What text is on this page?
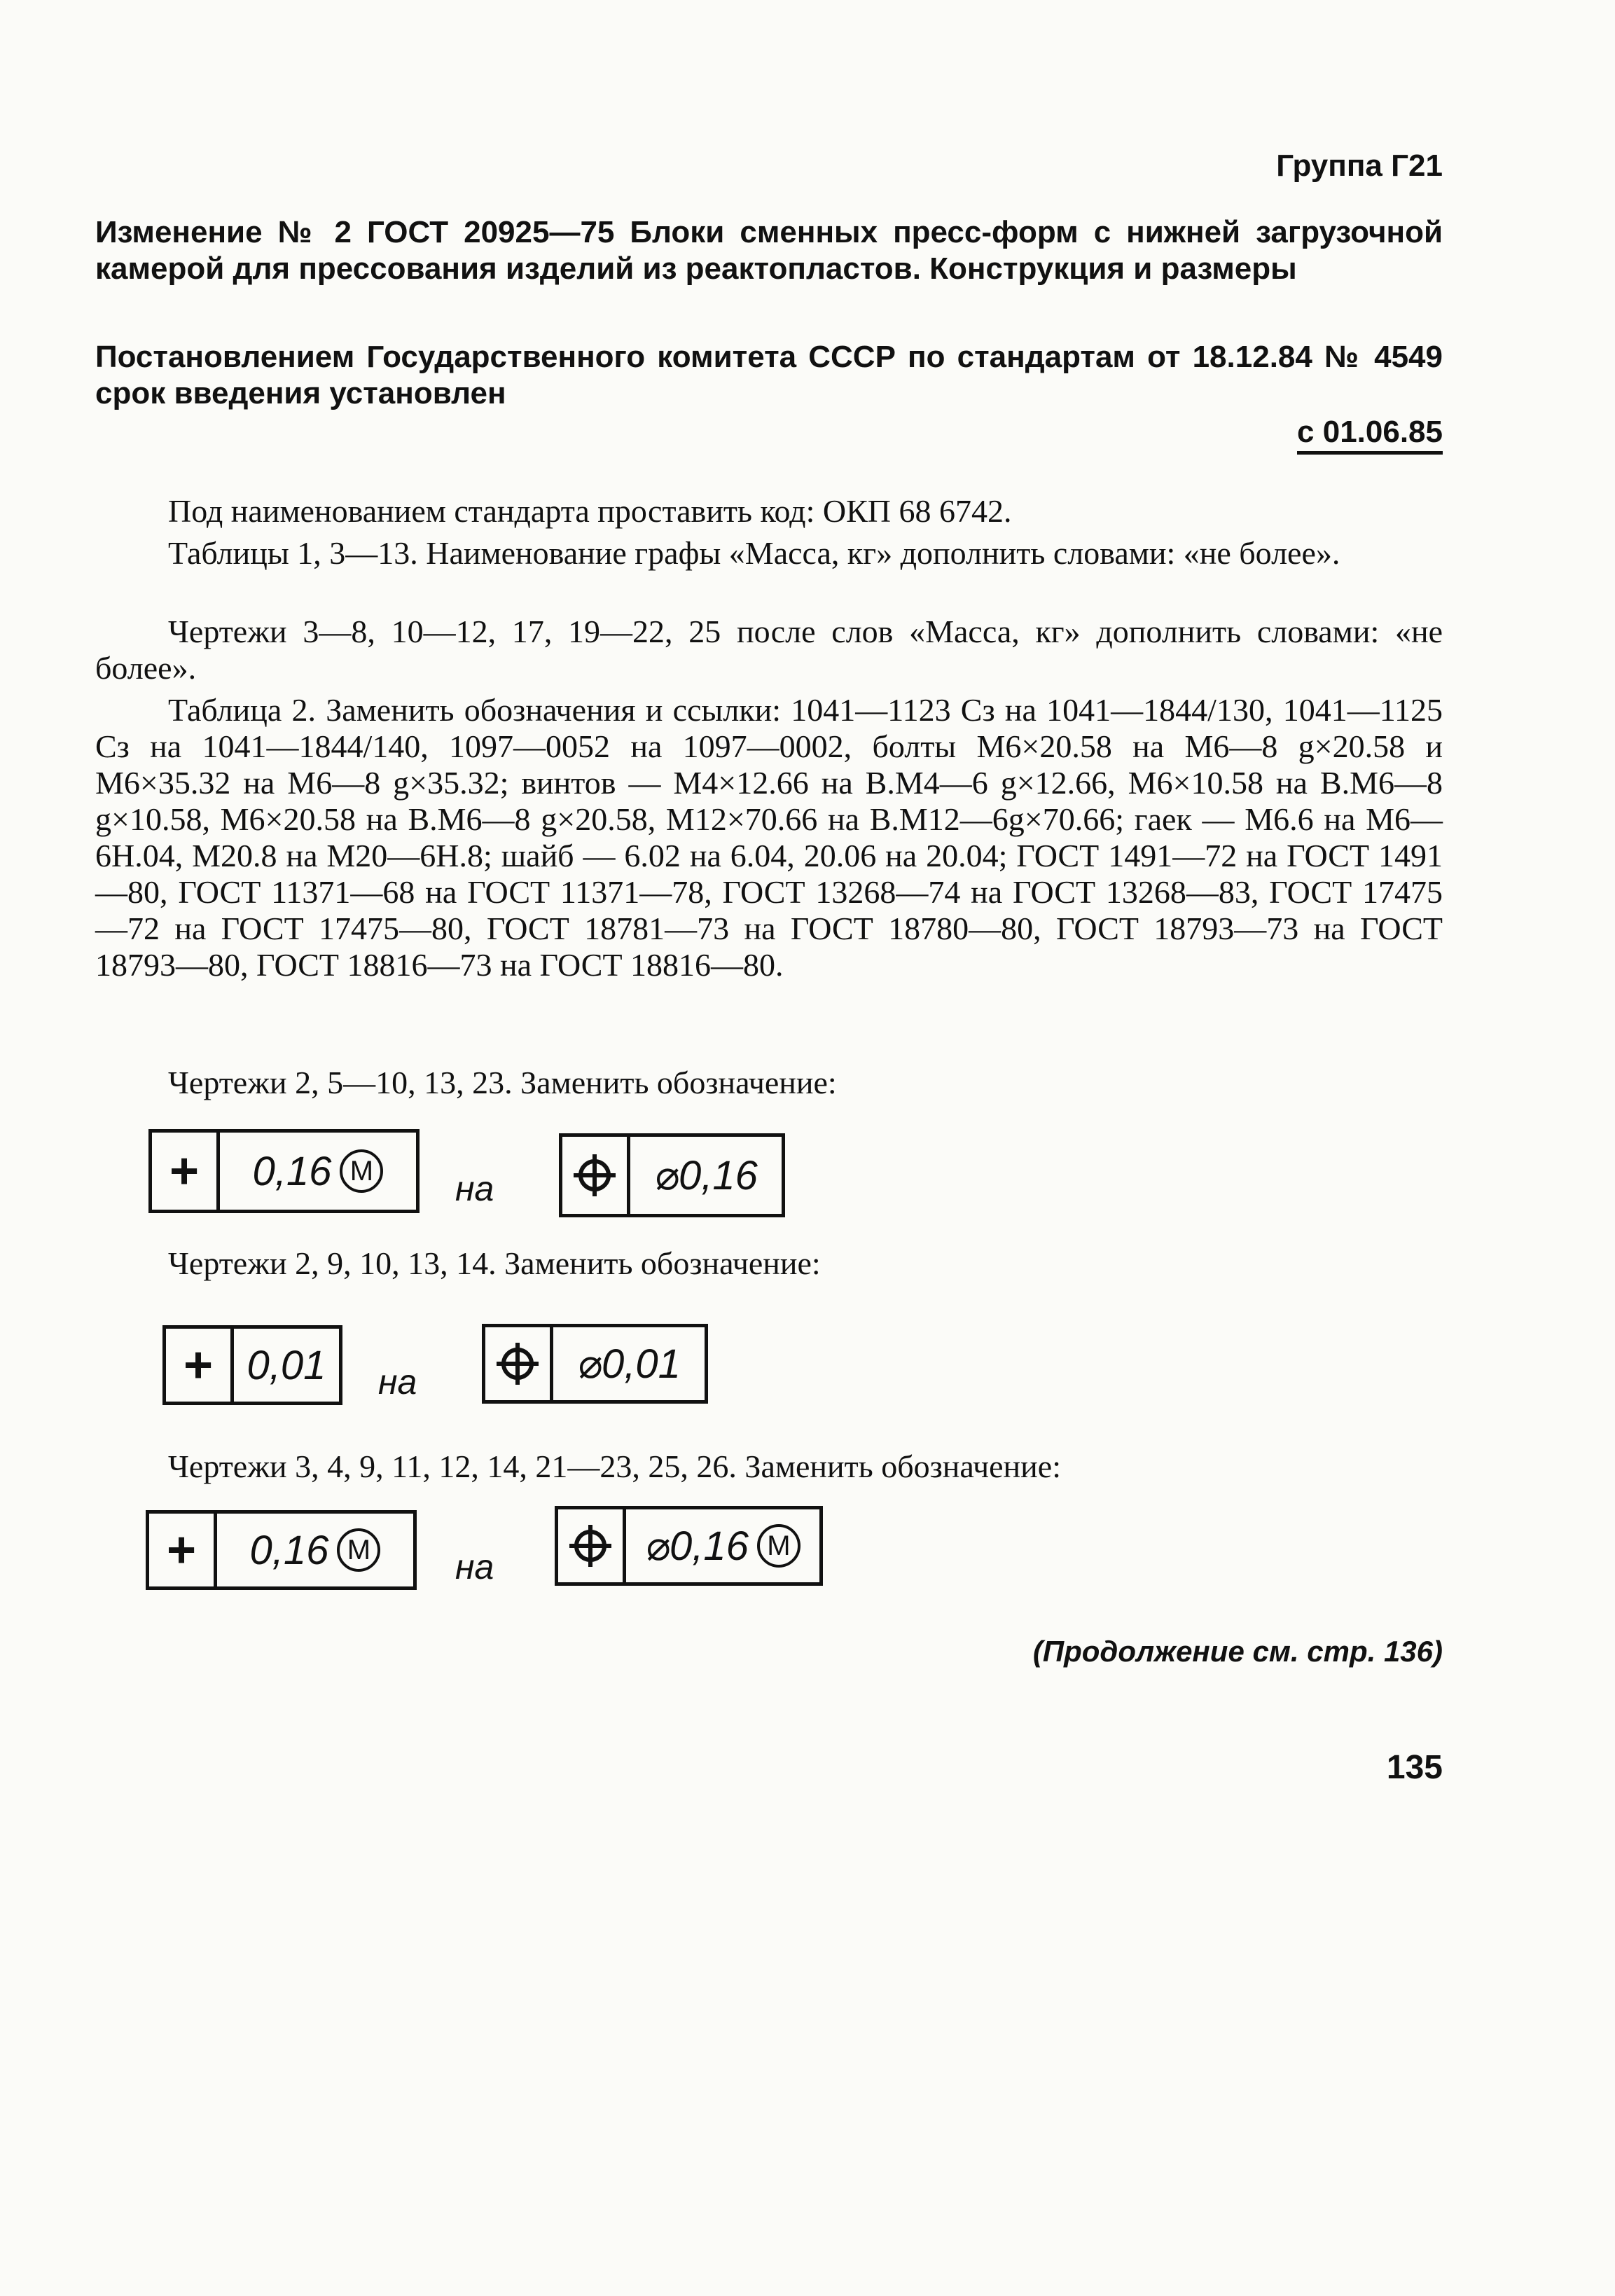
Группа Г21
Изменение № 2 ГОСТ 20925—75 Блоки сменных пресс-форм с нижней загрузочной камерой для прессования изделий из реактопластов. Конструкция и размеры
Постановлением Государственного комитета СССР по стандартам от 18.12.84 № 4549 срок введения установлен
с 01.06.85
Под наименованием стандарта проставить код: ОКП 68 6742.
Таблицы 1, 3—13. Наименование графы «Масса, кг» дополнить словами: «не более».
Чертежи 3—8, 10—12, 17, 19—22, 25 после слов «Масса, кг» дополнить словами: «не более».
Таблица 2. Заменить обозначения и ссылки: 1041—1123 Сз на 1041—1844/130, 1041—1125 Сз на 1041—1844/140, 1097—0052 на 1097—0002, болты М6×20.58 на М6—8 g×20.58 и М6×35.32 на М6—8 g×35.32; винтов — М4×12.66 на В.М4—6 g×12.66, М6×10.58 на В.М6—8 g×10.58, М6×20.58 на В.М6—8 g×20.58, М12×70.66 на В.М12—6g×70.66; гаек — М6.6 на М6—6Н.04, М20.8 на М20—6Н.8; шайб — 6.02 на 6.04, 20.06 на 20.04; ГОСТ 1491—72 на ГОСТ 1491—80, ГОСТ 11371—68 на ГОСТ 11371—78, ГОСТ 13268—74 на ГОСТ 13268—83, ГОСТ 17475—72 на ГОСТ 17475—80, ГОСТ 18781—73 на ГОСТ 18780—80, ГОСТ 18793—73 на ГОСТ 18793—80, ГОСТ 18816—73 на ГОСТ 18816—80.
Чертежи 2, 5—10, 13, 23. Заменить обозначение:
+	0,16 M на	⌀0,16
Чертежи 2, 9, 10, 13, 14. Заменить обозначение:
+ 0,01	на	⌀0,01
Чертежи 3, 4, 9, 11, 12, 14, 21—23, 25, 26. Заменить обозначение:
+	0,16 M на	⌀0,16 M
(Продолжение см. стр. 136)
135
